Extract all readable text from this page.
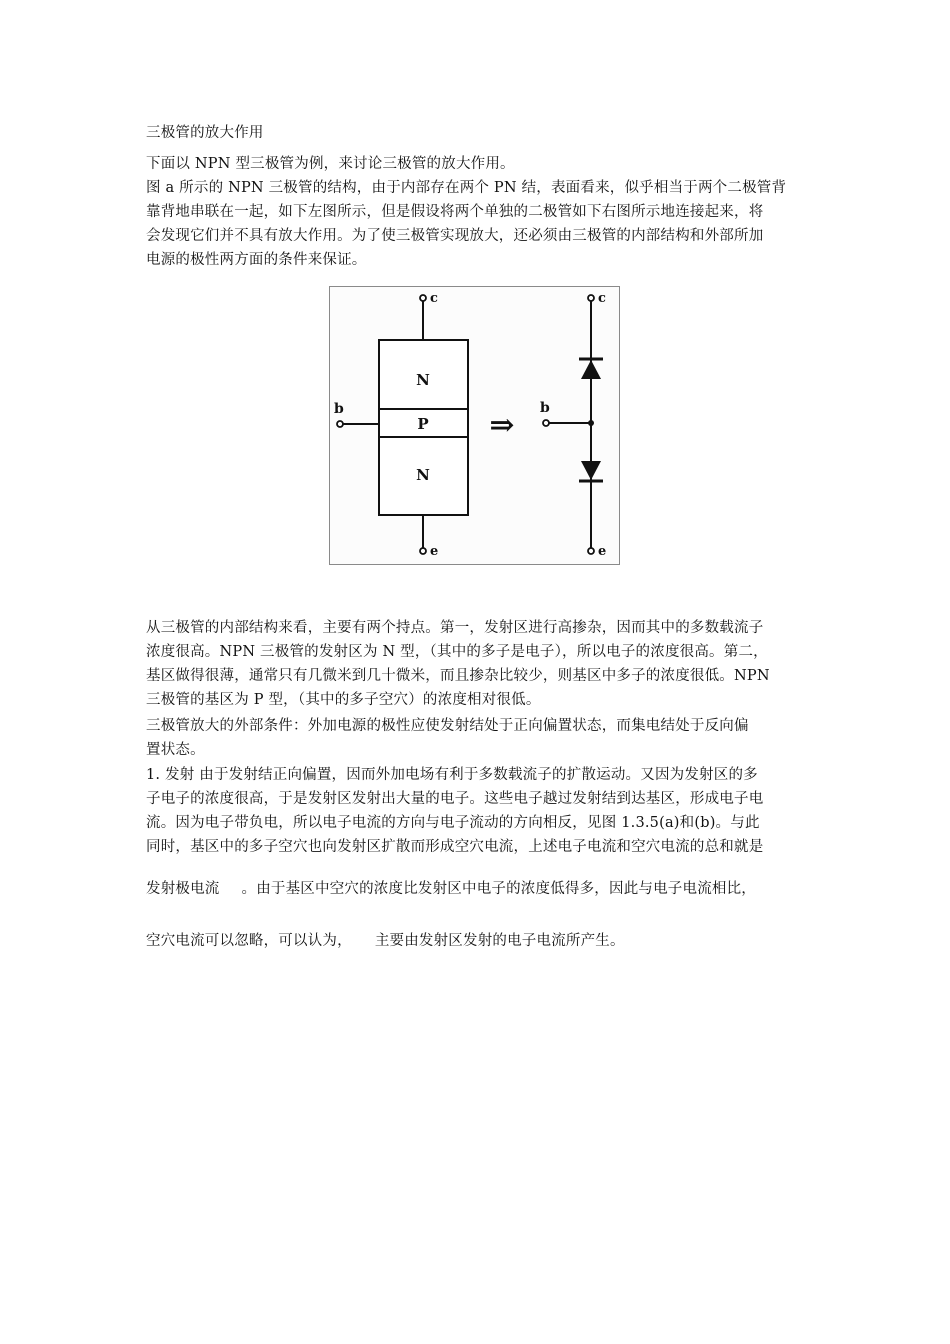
三极管的放大作用
下面以 NPN 型三极管为例，来讨论三极管的放大作用。
图 a 所示的 NPN 三极管的结构，由于内部存在两个 PN 结，表面看来，似乎相当于两个二极管背
靠背地串联在一起，如下左图所示，但是假设将两个单独的二极管如下右图所示地连接起来，将
会发现它们并不具有放大作用。为了使三极管实现放大，还必须由三极管的内部结构和外部所加
电源的极性两方面的条件来保证。
N
P
N
b
c
e
⇒ b
c
e
从三极管的内部结构来看，主要有两个持点。第一，发射区进行高掺杂，因而其中的多数载流子
浓度很高。NPN 三极管的发射区为 N 型，（其中的多子是电子），所以电子的浓度很高。第二，
基区做得很薄，通常只有几微米到几十微米，而且掺杂比较少，则基区中多子的浓度很低。NPN
三极管的基区为 P 型，（其中的多子空穴）的浓度相对很低。
三极管放大的外部条件：外加电源的极性应使发射结处于正向偏置状态，而集电结处于反向偏
置状态。
1. 发射 由于发射结正向偏置，因而外加电场有利于多数载流子的扩散运动。又因为发射区的多
子电子的浓度很高，于是发射区发射出大量的电子。这些电子越过发射结到达基区，形成电子电
流。因为电子带负电，所以电子电流的方向与电子流动的方向相反，见图 1.3.5(a)和(b)。与此
同时，基区中的多子空穴也向发射区扩散而形成空穴电流，上述电子电流和空穴电流的总和就是
发射极电流 。由于基区中空穴的浓度比发射区中电子的浓度低得多，因此与电子电流相比，
空穴电流可以忽略，可以认为， 主要由发射区发射的电子电流所产生。
